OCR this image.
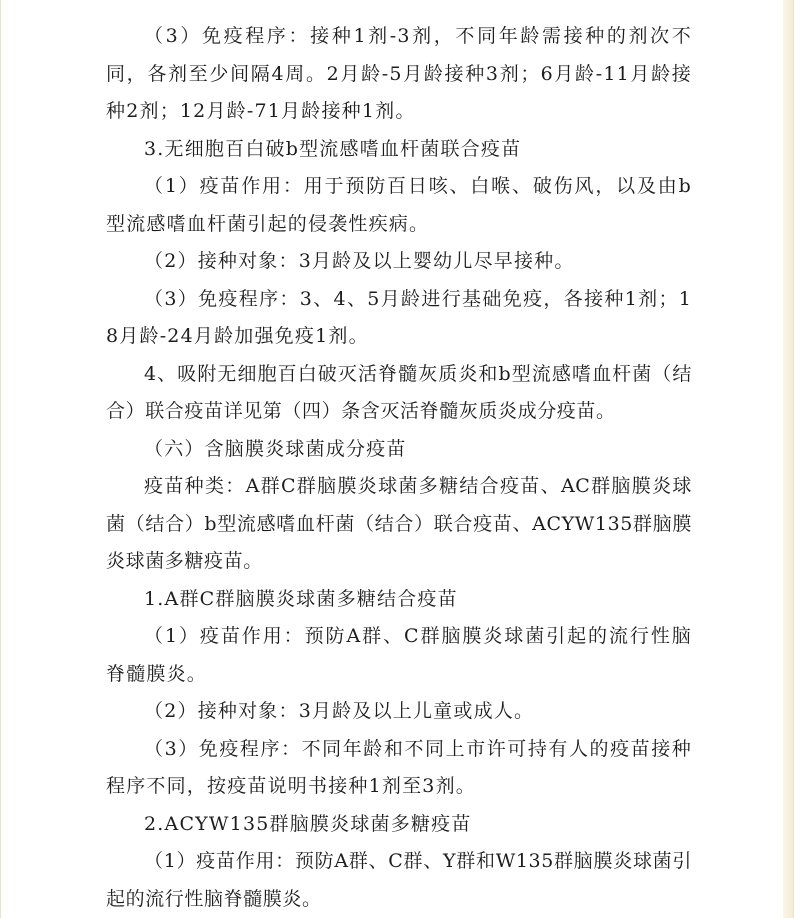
（3）免疫程序：接种1剂-3剂，不同年龄需接种的剂次不同，各剂至少间隔4周。2月龄-5月龄接种3剂；6月龄-11月龄接种2剂；12月龄-71月龄接种1剂。

3.无细胞百白破b型流感嗜血杆菌联合疫苗

（1）疫苗作用：用于预防百日咳、白喉、破伤风，以及由b型流感嗜血杆菌引起的侵袭性疾病。

（2）接种对象：3月龄及以上婴幼儿尽早接种。

（3）免疫程序：3、4、5月龄进行基础免疫，各接种1剂；18月龄-24月龄加强免疫1剂。

4、吸附无细胞百白破灭活脊髓灰质炎和b型流感嗜血杆菌（结合）联合疫苗详见第（四）条含灭活脊髓灰质炎成分疫苗。

（六）含脑膜炎球菌成分疫苗

疫苗种类：A群C群脑膜炎球菌多糖结合疫苗、AC群脑膜炎球菌（结合）b型流感嗜血杆菌（结合）联合疫苗、ACYW135群脑膜炎球菌多糖疫苗。

1.A群C群脑膜炎球菌多糖结合疫苗

（1）疫苗作用：预防A群、C群脑膜炎球菌引起的流行性脑脊髓膜炎。

（2）接种对象：3月龄及以上儿童或成人。

（3）免疫程序：不同年龄和不同上市许可持有人的疫苗接种程序不同，按疫苗说明书接种1剂至3剂。

2.ACYW135群脑膜炎球菌多糖疫苗

（1）疫苗作用：预防A群、C群、Y群和W135群脑膜炎球菌引起的流行性脑脊髓膜炎。
